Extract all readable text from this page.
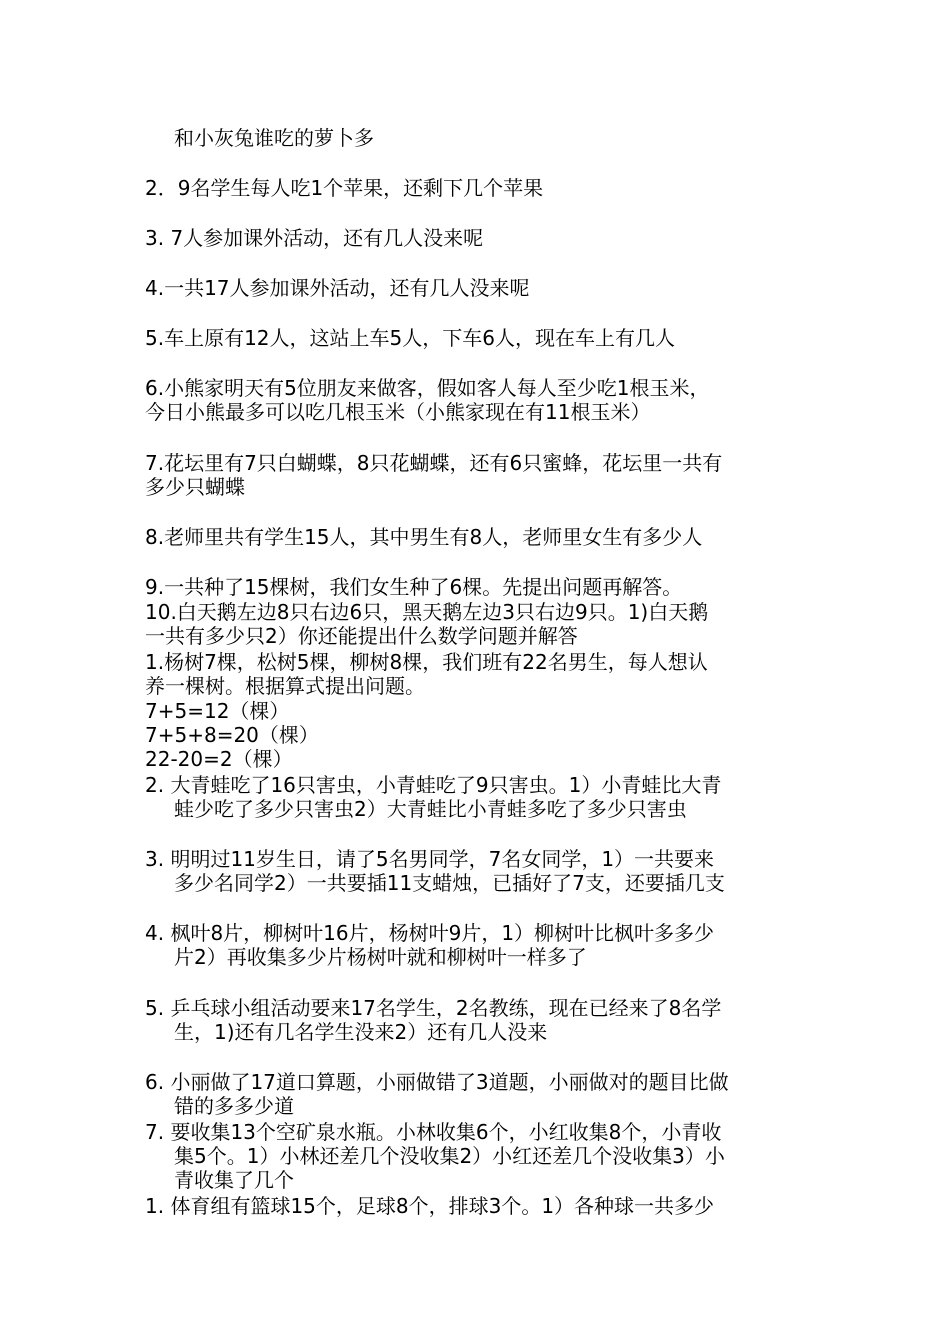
和小灰兔谁吃的萝卜多
2．9名学生每人吃1个苹果，还剩下几个苹果
3. 7人参加课外活动，还有几人没来呢
4.一共17人参加课外活动，还有几人没来呢
5.车上原有12人，这站上车5人，下车6人，现在车上有几人
6.小熊家明天有5位朋友来做客，假如客人每人至少吃1根玉米，
今日小熊最多可以吃几根玉米（小熊家现在有11根玉米）
7.花坛里有7只白蝴蝶，8只花蝴蝶，还有6只蜜蜂，花坛里一共有
多少只蝴蝶
8.老师里共有学生15人，其中男生有8人，老师里女生有多少人
9.一共种了15棵树，我们女生种了6棵。先提出问题再解答。
10.白天鹅左边8只右边6只，黑天鹅左边3只右边9只。1)白天鹅
一共有多少只2）你还能提出什么数学问题并解答
1.杨树7棵，松树5棵，柳树8棵，我们班有22名男生，每人想认
养一棵树。根据算式提出问题。
7+5=12（棵）
7+5+8=20（棵）
22-20=2（棵）
2. 大青蛙吃了16只害虫，小青蛙吃了9只害虫。1）小青蛙比大青
蛙少吃了多少只害虫2）大青蛙比小青蛙多吃了多少只害虫
3. 明明过11岁生日，请了5名男同学，7名女同学，1）一共要来
多少名同学2）一共要插11支蜡烛，已插好了7支，还要插几支
4. 枫叶8片，柳树叶16片，杨树叶9片，1）柳树叶比枫叶多多少
片2）再收集多少片杨树叶就和柳树叶一样多了
5. 乒乓球小组活动要来17名学生，2名教练，现在已经来了8名学
生，1)还有几名学生没来2）还有几人没来
6. 小丽做了17道口算题，小丽做错了3道题，小丽做对的题目比做
错的多多少道
7. 要收集13个空矿泉水瓶。小林收集6个，小红收集8个，小青收
集5个。1）小林还差几个没收集2）小红还差几个没收集3）小
青收集了几个
1. 体育组有篮球15个，足球8个，排球3个。1）各种球一共多少
